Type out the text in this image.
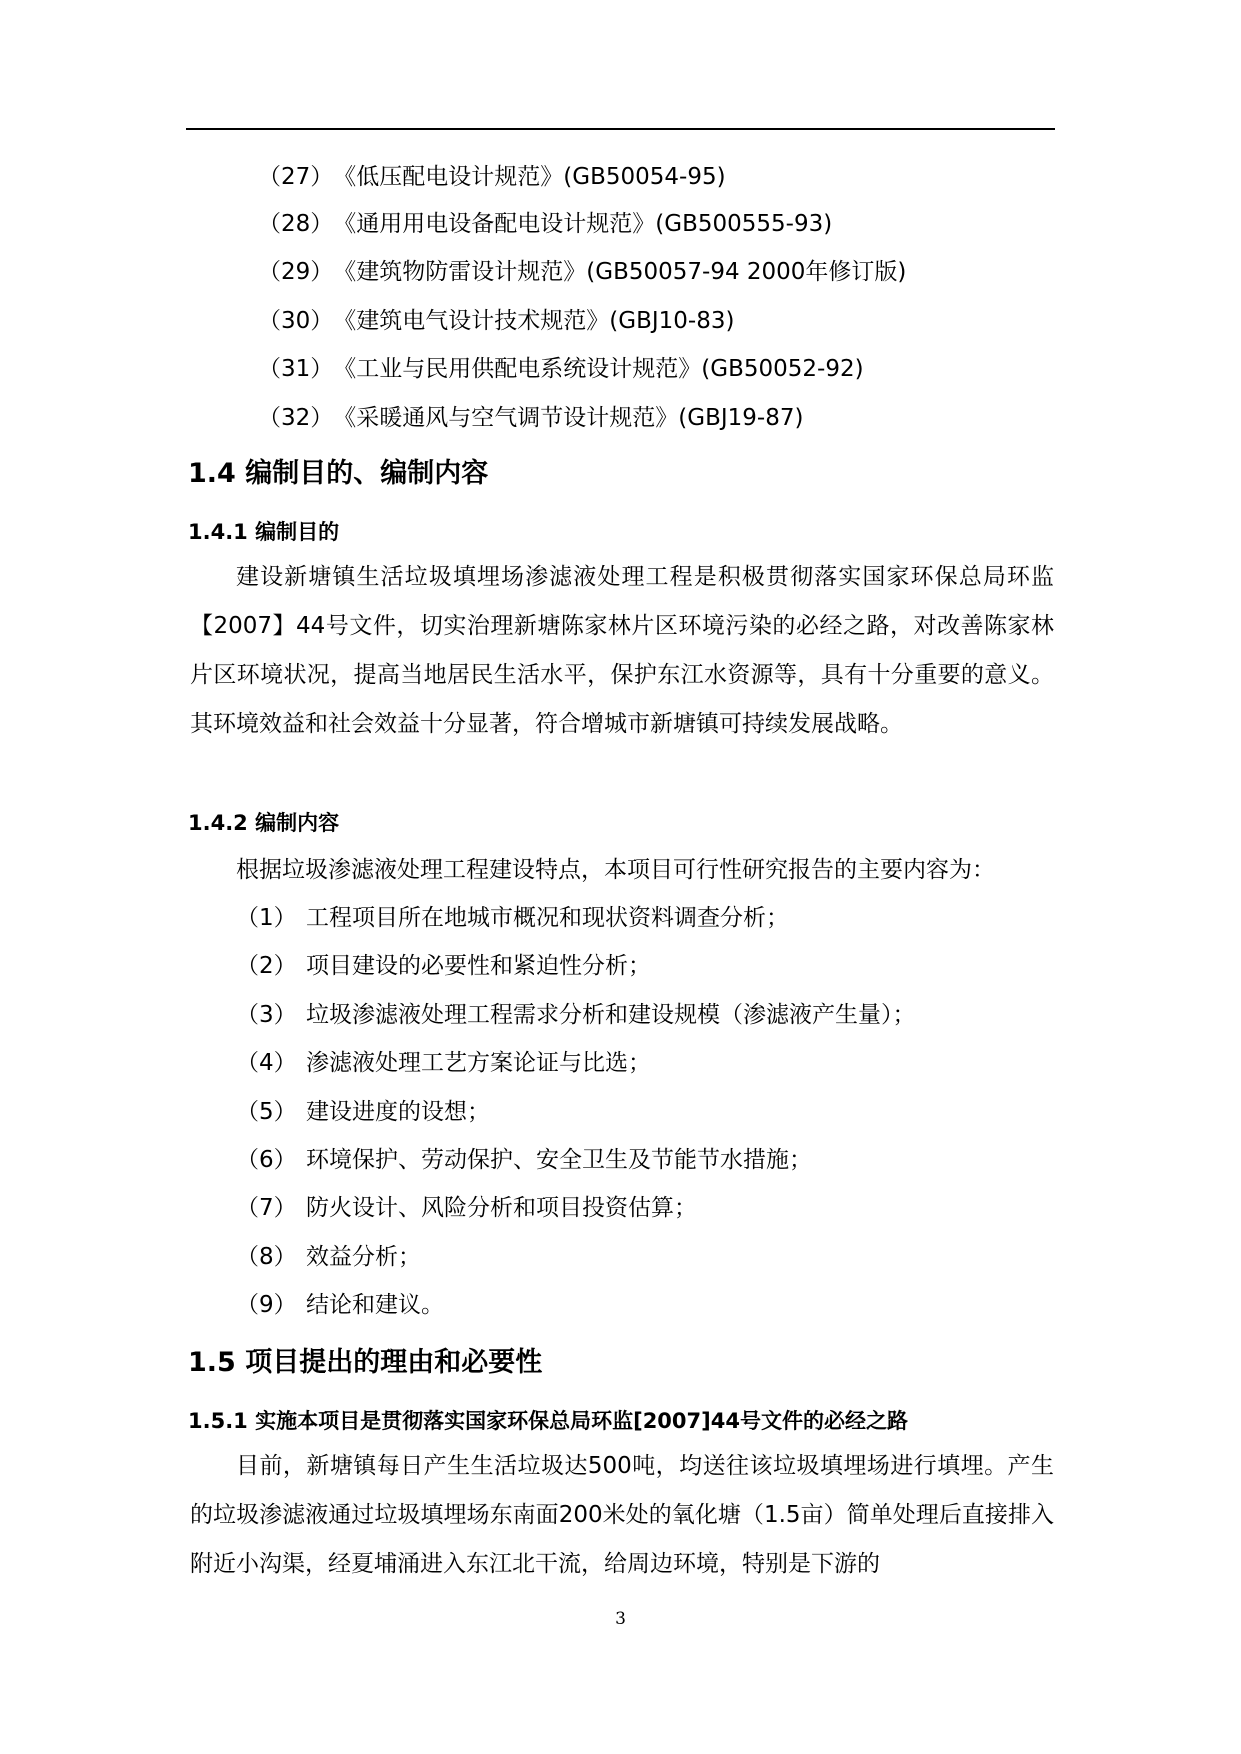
（27）《低压配电设计规范》(GB50054-95)
（28）《通用用电设备配电设计规范》(GB500555-93)
（29）《建筑物防雷设计规范》(GB50057-94 2000年修订版)
（30）《建筑电气设计技术规范》(GBJ10-83)
（31）《工业与民用供配电系统设计规范》(GB50052-92)
（32）《采暖通风与空气调节设计规范》(GBJ19-87)
1.4 编制目的、编制内容
1.4.1 编制目的
建设新塘镇生活垃圾填埋场渗滤液处理工程是积极贯彻落实国家环保总局环监【2007】44号文件，切实治理新塘陈家林片区环境污染的必经之路，对改善陈家林片区环境状况，提高当地居民生活水平，保护东江水资源等，具有十分重要的意义。其环境效益和社会效益十分显著，符合增城市新塘镇可持续发展战略。
1.4.2 编制内容
根据垃圾渗滤液处理工程建设特点，本项目可行性研究报告的主要内容为：
（1） 工程项目所在地城市概况和现状资料调查分析；
（2） 项目建设的必要性和紧迫性分析；
（3） 垃圾渗滤液处理工程需求分析和建设规模（渗滤液产生量）；
（4） 渗滤液处理工艺方案论证与比选；
（5） 建设进度的设想；
（6） 环境保护、劳动保护、安全卫生及节能节水措施；
（7） 防火设计、风险分析和项目投资估算；
（8） 效益分析；
（9） 结论和建议。
1.5 项目提出的理由和必要性
1.5.1 实施本项目是贯彻落实国家环保总局环监[2007]44号文件的必经之路
目前，新塘镇每日产生生活垃圾达500吨，均送往该垃圾填埋场进行填埋。产生的垃圾渗滤液通过垃圾填埋场东南面200米处的氧化塘（1.5亩）简单处理后直接排入附近小沟渠，经夏埔涌进入东江北干流，给周边环境，特别是下游的
3
